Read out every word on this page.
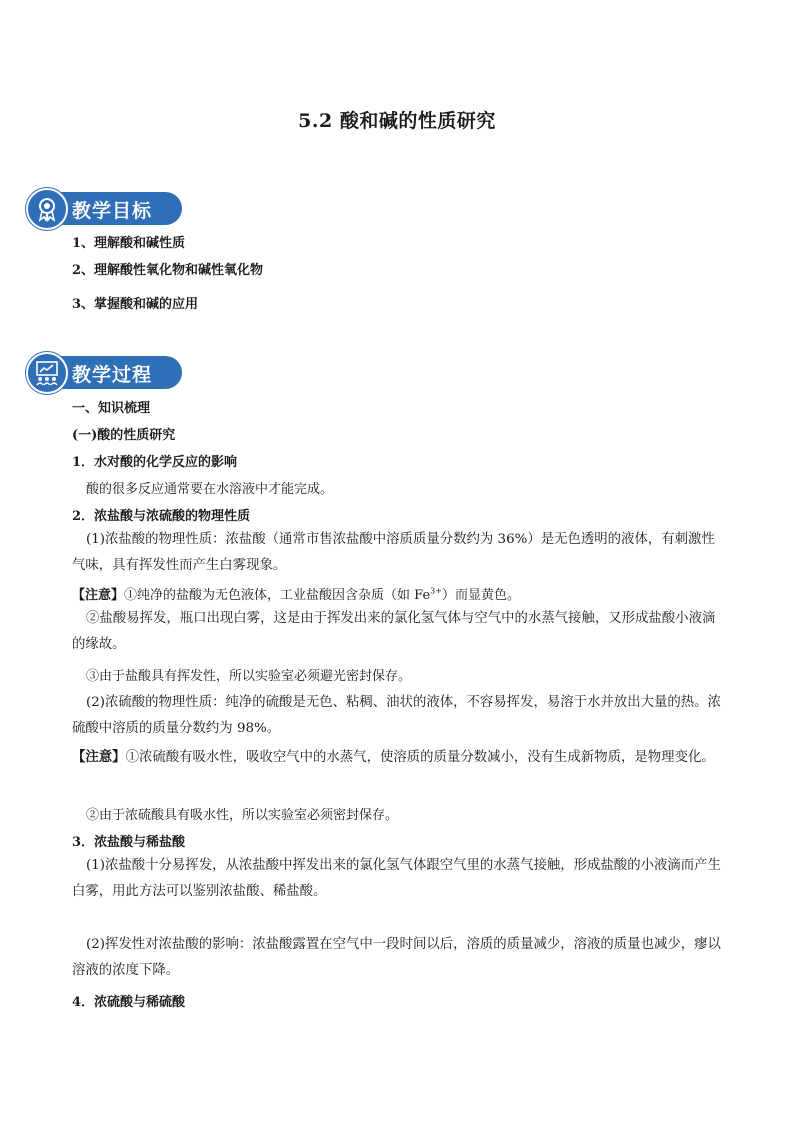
5.2 酸和碱的性质研究
教学目标
1、理解酸和碱性质
2、理解酸性氧化物和碱性氧化物
3、掌握酸和碱的应用
教学过程
一、知识梳理
(一)酸的性质研究
1．水对酸的化学反应的影响
酸的很多反应通常要在水溶液中才能完成。
2．浓盐酸与浓硫酸的物理性质
(1)浓盐酸的物理性质：浓盐酸（通常市售浓盐酸中溶质质量分数约为 36%）是无色透明的液体，有刺激性气味，具有挥发性而产生白雾现象。
【注意】①纯净的盐酸为无色液体，工业盐酸因含杂质（如 $Fe^{3+}$）而显黄色。
②盐酸易挥发，瓶口出现白雾，这是由于挥发出来的氯化氢气体与空气中的水蒸气接触，又形成盐酸小液滴的缘故。
③由于盐酸具有挥发性，所以实验室必须避光密封保存。
(2)浓硫酸的物理性质：纯净的硫酸是无色、粘稠、油状的液体，不容易挥发，易溶于水并放出大量的热。浓硫酸中溶质的质量分数约为 98%。
【注意】①浓硫酸有吸水性，吸收空气中的水蒸气，使溶质的质量分数减小，没有生成新物质，是物理变化。
②由于浓硫酸具有吸水性，所以实验室必须密封保存。
3．浓盐酸与稀盐酸
(1)浓盐酸十分易挥发，从浓盐酸中挥发出来的氯化氢气体跟空气里的水蒸气接触，形成盐酸的小液滴而产生白雾，用此方法可以鉴别浓盐酸、稀盐酸。
(2)挥发性对浓盐酸的影响：浓盐酸露置在空气中一段时间以后，溶质的质量减少，溶液的质量也减少，瘳以溶液的浓度下降。
4．浓硫酸与稀硫酸
